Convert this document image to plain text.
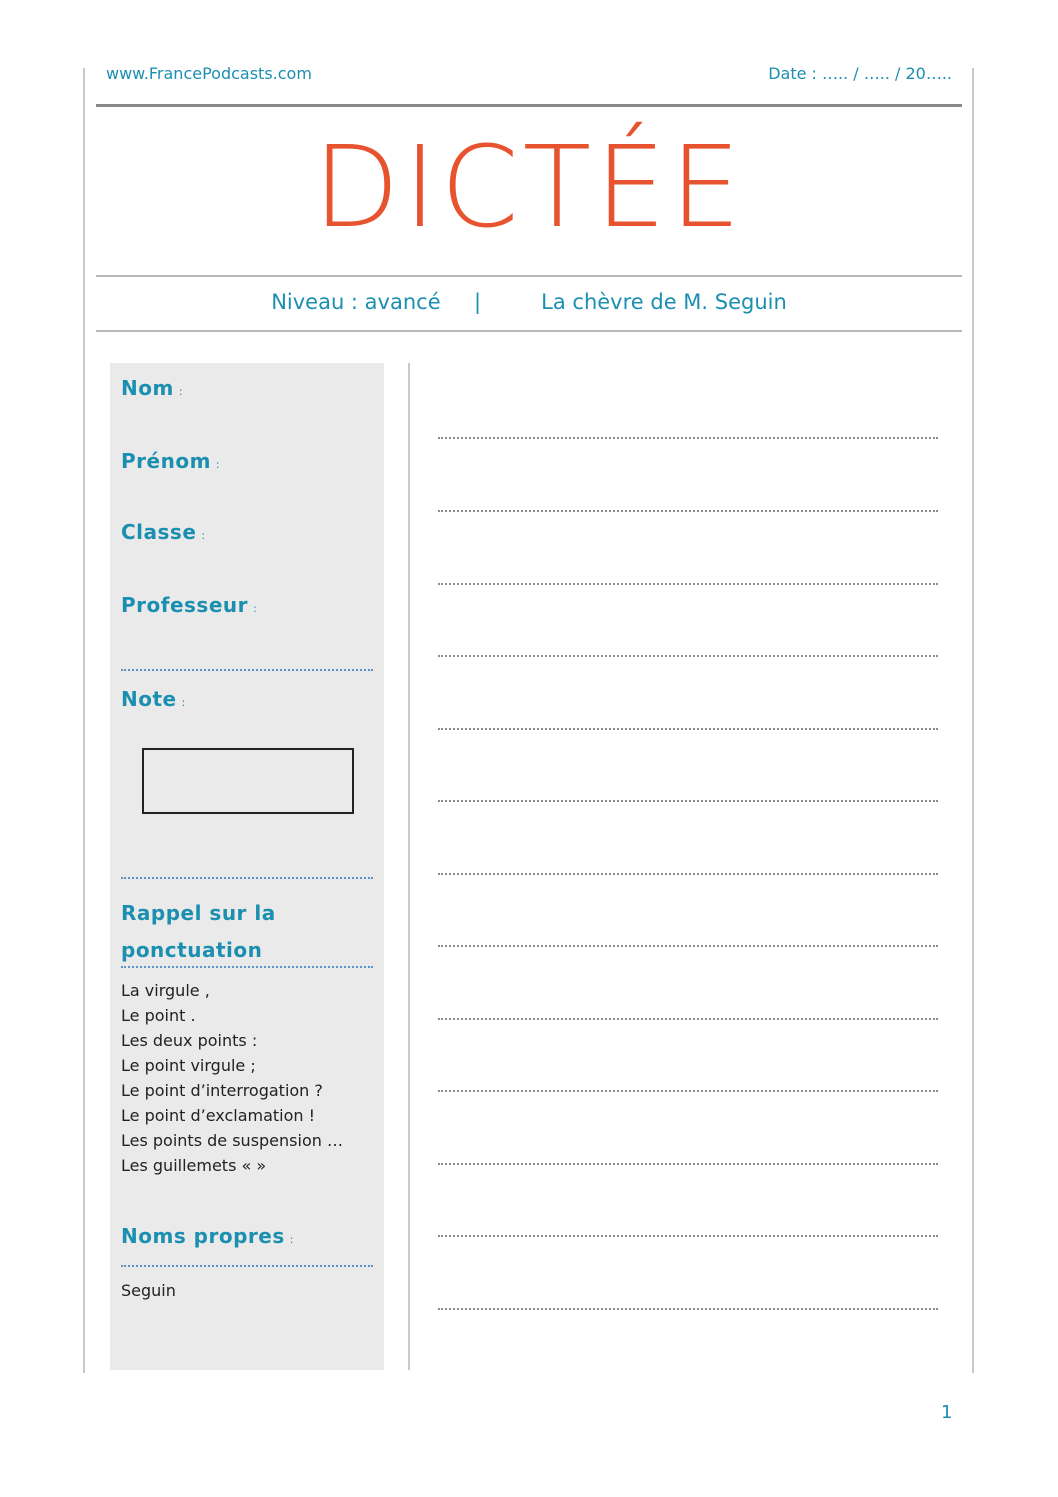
www.FrancePodcasts.com	Date : ….. / ….. / 20…..
DICTÉE
Niveau : avancé     |         La chèvre de M. Seguin
Nom :
Prénom :
Classe :
Professeur :
Note :
Rappel sur la ponctuation
La virgule ,
Le point .
Les deux points :
Le point virgule ;
Le point d’interrogation ?
Le point d’exclamation !
Les points de suspension …
Les guillemets « »
Noms propres :
Seguin
1
